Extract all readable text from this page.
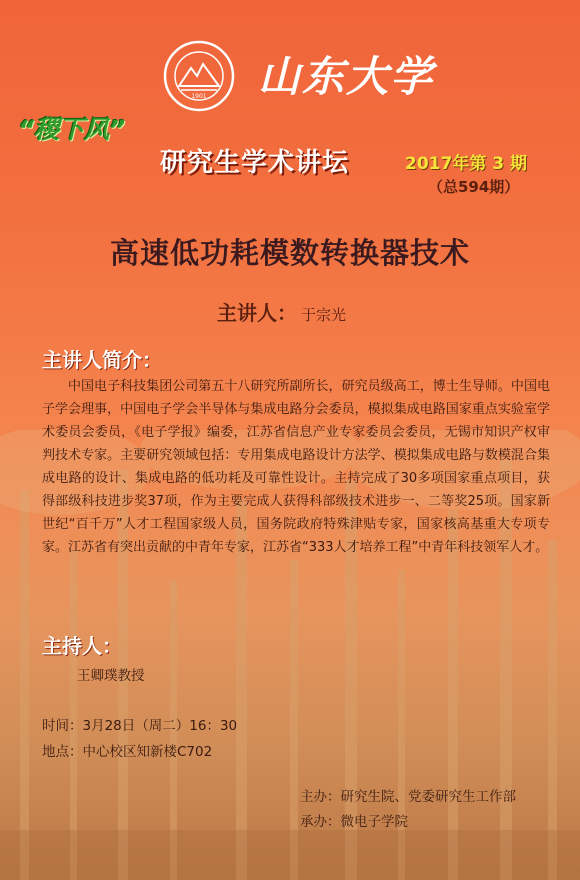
1901 山东大学
“稷下风”
研究生学术讲坛	2017年第 3 期
（总594期）
高速低功耗模数转换器技术
主讲人： 于宗光
主讲人简介：
中国电子科技集团公司第五十八研究所副所长，研究员级高工，博士生导师。中国电子学会理事，中国电子学会半导体与集成电路分会委员，模拟集成电路国家重点实验室学术委员会委员，《电子学报》编委，江苏省信息产业专家委员会委员，无锡市知识产权审判技术专家。主要研究领域包括：专用集成电路设计方法学、模拟集成电路与数模混合集成电路的设计、集成电路的低功耗及可靠性设计。主持完成了30多项国家重点项目，获得部级科技进步奖37项，作为主要完成人获得科部级技术进步一、二等奖25项。国家新世纪“百千万”人才工程国家级人员，国务院政府特殊津贴专家，国家核高基重大专项专家。江苏省有突出贡献的中青年专家，江苏省“333人才培养工程”中青年科技领军人才。
主持人：
王卿璞教授
时间：3月28日（周二）16：30
地点：中心校区知新楼C702
主办：研究生院、党委研究生工作部
承办：微电子学院
